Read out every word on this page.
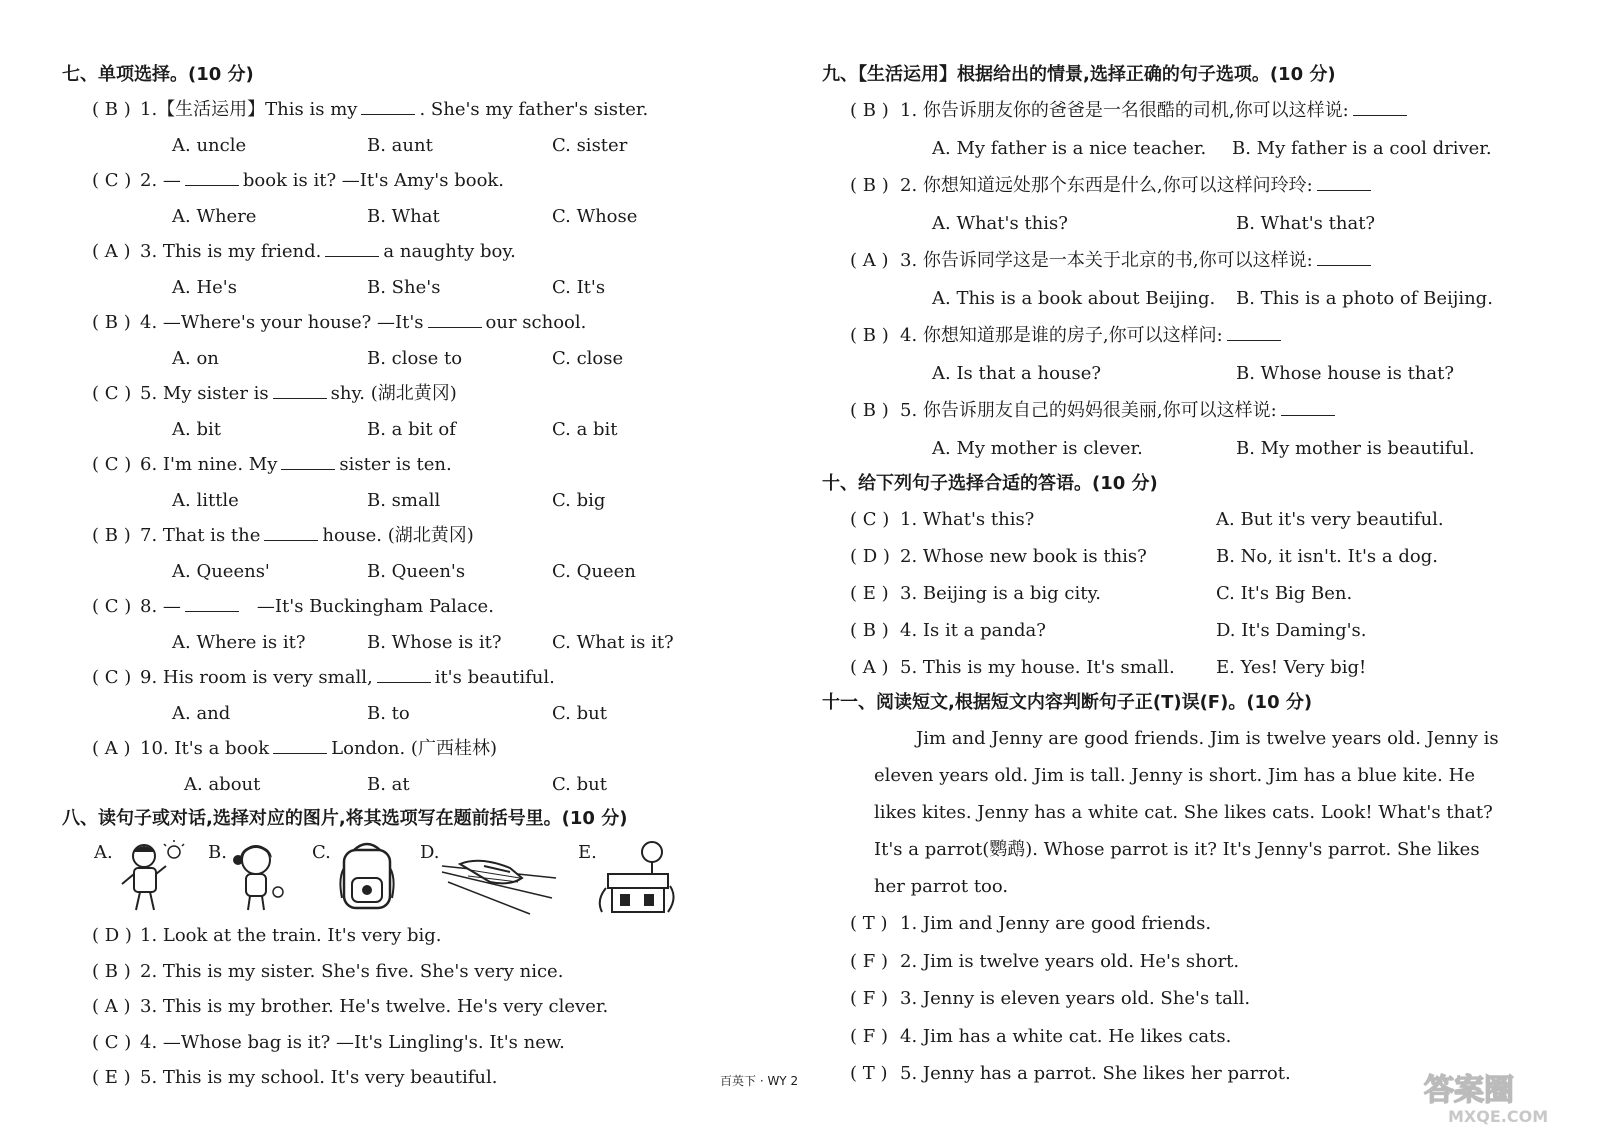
七、单项选择。(10 分)
( B ) 1.【生活运用】This is my	. She's my father's sister.
A. uncle	B. aunt	C. sister
( C ) 2. —	book is it? —It's Amy's book.
A. Where	B. What	C. Whose
( A ) 3. This is my friend.	a naughty boy.
A. He's	B. She's	C. It's
( B ) 4. —Where's your house? —It's	our school.
A. on	B. close to	C. close
( C ) 5. My sister is	shy. (湖北黄冈)
A. bit	B. a bit of	C. a bit
( C ) 6. I'm nine. My	sister is ten.
A. little	B. small	C. big
( B ) 7. That is the	house. (湖北黄冈)
A. Queens'	B. Queen's	C. Queen
( C ) 8. —	—It's Buckingham Palace.
A. Where is it?	B. Whose is it?	C. What is it?
( C ) 9. His room is very small,	it's beautiful.
A. and	B. to	C. but
( A ) 10. It's a book	London. (广西桂林)
A. about	B. at	C. but
八、读句子或对话,选择对应的图片,将其选项写在题前括号里。(10 分)
A.	B.	C.	D.	E.
( D ) 1. Look at the train. It's very big.
( B ) 2. This is my sister. She's five. She's very nice.
( A ) 3. This is my brother. He's twelve. He's very clever.
( C ) 4. —Whose bag is it? —It's Lingling's. It's new.
( E ) 5. This is my school. It's very beautiful.
九、【生活运用】根据给出的情景,选择正确的句子选项。(10 分)
( B ) 1. 你告诉朋友你的爸爸是一名很酷的司机,你可以这样说:
A. My father is a nice teacher. B. My father is a cool driver.
( B ) 2. 你想知道远处那个东西是什么,你可以这样问玲玲:
A. What's this?	B. What's that?
( A ) 3. 你告诉同学这是一本关于北京的书,你可以这样说:
A. This is a book about Beijing. B. This is a photo of Beijing.
( B ) 4. 你想知道那是谁的房子,你可以这样问:
A. Is that a house?	B. Whose house is that?
( B ) 5. 你告诉朋友自己的妈妈很美丽,你可以这样说:
A. My mother is clever.	B. My mother is beautiful.
十、给下列句子选择合适的答语。(10 分)
( C ) 1. What's this?	A. But it's very beautiful.
( D ) 2. Whose new book is this?	B. No, it isn't. It's a dog.
( E ) 3. Beijing is a big city.	C. It's Big Ben.
( B ) 4. Is it a panda?	D. It's Daming's.
( A ) 5. This is my house. It's small. E. Yes! Very big!
十一、阅读短文,根据短文内容判断句子正(T)误(F)。(10 分)
Jim and Jenny are good friends. Jim is twelve years old. Jenny is eleven years old. Jim is tall. Jenny is short. Jim has a blue kite. He likes kites. Jenny has a white cat. She likes cats. Look! What's that? It's a parrot(鹦鹉). Whose parrot is it? It's Jenny's parrot. She likes her parrot too.
( T ) 1. Jim and Jenny are good friends.
( F ) 2. Jim is twelve years old. He's short.
( F ) 3. Jenny is eleven years old. She's tall.
( F ) 4. Jim has a white cat. He likes cats.
( T ) 5. Jenny has a parrot. She likes her parrot.
百英下 · WY 2	答案圈
MXQE.COM
